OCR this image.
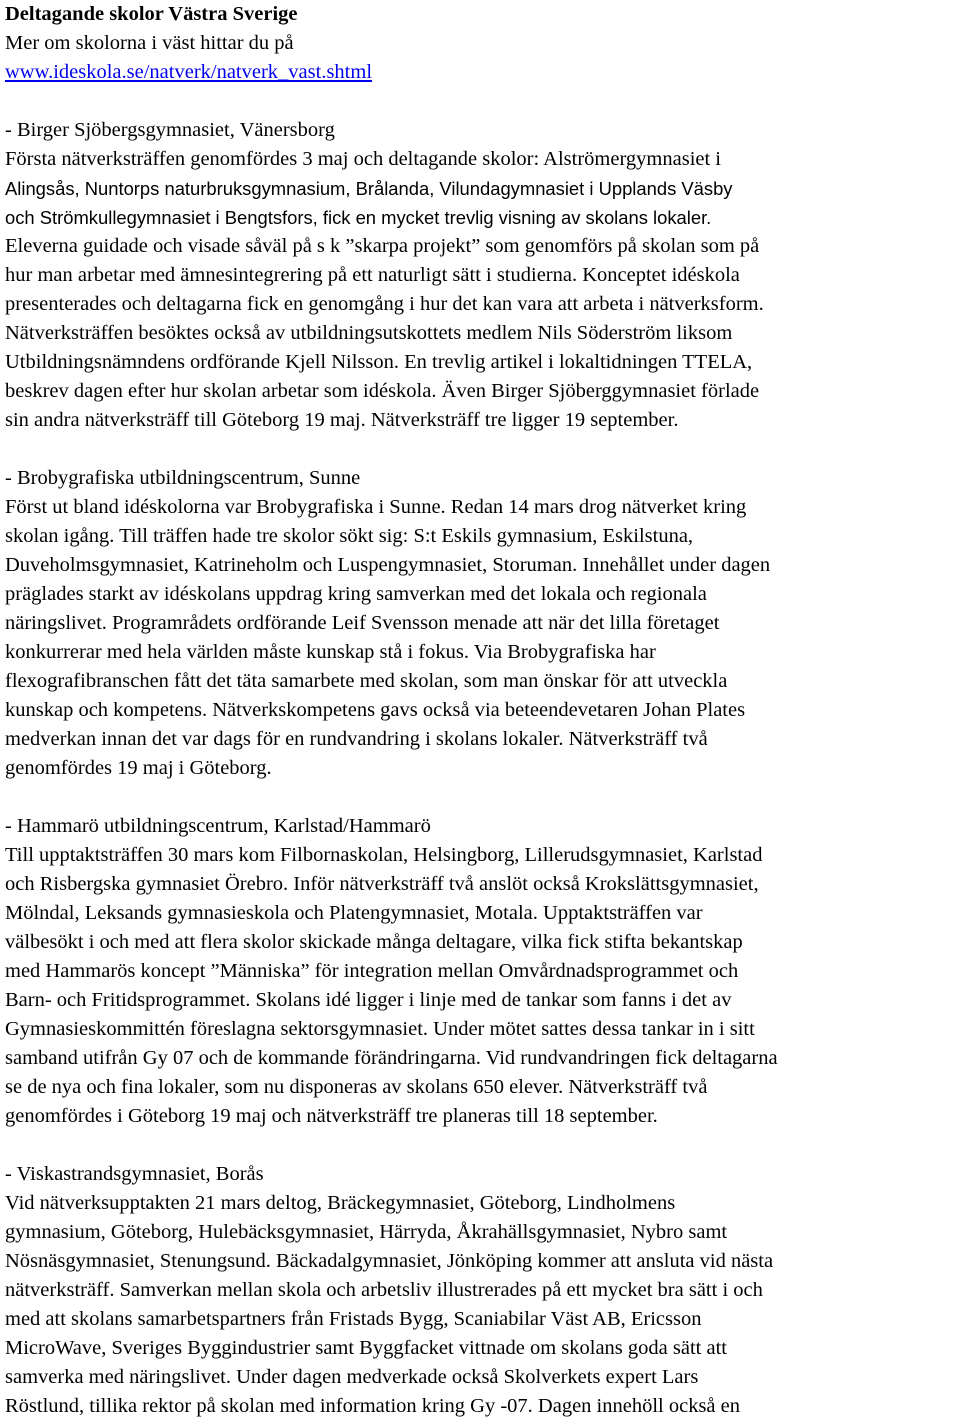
Deltagande skolor Västra Sverige

Mer om skolorna i väst hittar du på

www.ideskola.se/natverk/natverk_vast.shtml

- Birger Sjöbergsgymnasiet, Vänersborg

Första nätverksträffen genomfördes 3 maj och deltagande skolor: Alströmergymnasiet i

Alingsås, Nuntorps naturbruksgymnasium, Brålanda, Vilundagymnasiet i Upplands Väsby

och Strömkullegymnasiet i Bengtsfors, fick en mycket trevlig visning av skolans lokaler.

Eleverna guidade och visade såväl på s k ”skarpa projekt” som genomförs på skolan som på

hur man arbetar med ämnesintegrering på ett naturligt sätt i studierna. Konceptet idéskola

presenterades och deltagarna fick en genomgång i hur det kan vara att arbeta i nätverksform.

Nätverksträffen besöktes också av utbildningsutskottets medlem Nils Söderström liksom

Utbildningsnämndens ordförande Kjell Nilsson. En trevlig artikel i lokaltidningen TTELA,

beskrev dagen efter hur skolan arbetar som idéskola. Även Birger Sjöberggymnasiet förlade

sin andra nätverksträff till Göteborg 19 maj. Nätverksträff tre ligger 19 september.

- Brobygrafiska utbildningscentrum, Sunne

Först ut bland idéskolorna var Brobygrafiska i Sunne. Redan 14 mars drog nätverket kring

skolan igång. Till träffen hade tre skolor sökt sig: S:t Eskils gymnasium, Eskilstuna,

Duveholmsgymnasiet, Katrineholm och Luspengymnasiet, Storuman. Innehållet under dagen

präglades starkt av idéskolans uppdrag kring samverkan med det lokala och regionala

näringslivet. Programrådets ordförande Leif Svensson menade att när det lilla företaget

konkurrerar med hela världen måste kunskap stå i fokus. Via Brobygrafiska har

flexografibranschen fått det täta samarbete med skolan, som man önskar för att utveckla

kunskap och kompetens. Nätverkskompetens gavs också via beteendevetaren Johan Plates

medverkan innan det var dags för en rundvandring i skolans lokaler. Nätverksträff två

genomfördes 19 maj i Göteborg.

- Hammarö utbildningscentrum, Karlstad/Hammarö

Till upptaktsträffen 30 mars kom Filbornaskolan, Helsingborg, Lillerudsgymnasiet, Karlstad

och Risbergska gymnasiet Örebro. Inför nätverksträff två anslöt också Krokslättsgymnasiet,

Mölndal, Leksands gymnasieskola och Platengymnasiet, Motala. Upptaktsträffen var

välbesökt i och med att flera skolor skickade många deltagare, vilka fick stifta bekantskap

med Hammarös koncept ”Människa” för integration mellan Omvårdnadsprogrammet och

Barn- och Fritidsprogrammet. Skolans idé ligger i linje med de tankar som fanns i det av

Gymnasieskommittén föreslagna sektorsgymnasiet. Under mötet sattes dessa tankar in i sitt

samband utifrån Gy 07 och de kommande förändringarna. Vid rundvandringen fick deltagarna

se de nya och fina lokaler, som nu disponeras av skolans 650 elever. Nätverksträff två

genomfördes i Göteborg 19 maj och nätverksträff tre planeras till 18 september.

- Viskastrandsgymnasiet, Borås

Vid nätverksupptakten 21 mars deltog, Bräckegymnasiet, Göteborg, Lindholmens

gymnasium, Göteborg, Hulebäcksgymnasiet, Härryda, Åkrahällsgymnasiet, Nybro samt

Nösnäsgymnasiet, Stenungsund. Bäckadalgymnasiet, Jönköping kommer att ansluta vid nästa

nätverksträff. Samverkan mellan skola och arbetsliv illustrerades på ett mycket bra sätt i och

med att skolans samarbetspartners från Fristads Bygg, Scaniabilar Väst AB, Ericsson

MicroWave, Sveriges Byggindustrier samt Byggfacket vittnade om skolans goda sätt att

samverka med näringslivet. Under dagen medverkade också Skolverkets expert Lars

Röstlund, tillika rektor på skolan med information kring Gy -07. Dagen innehöll också en
